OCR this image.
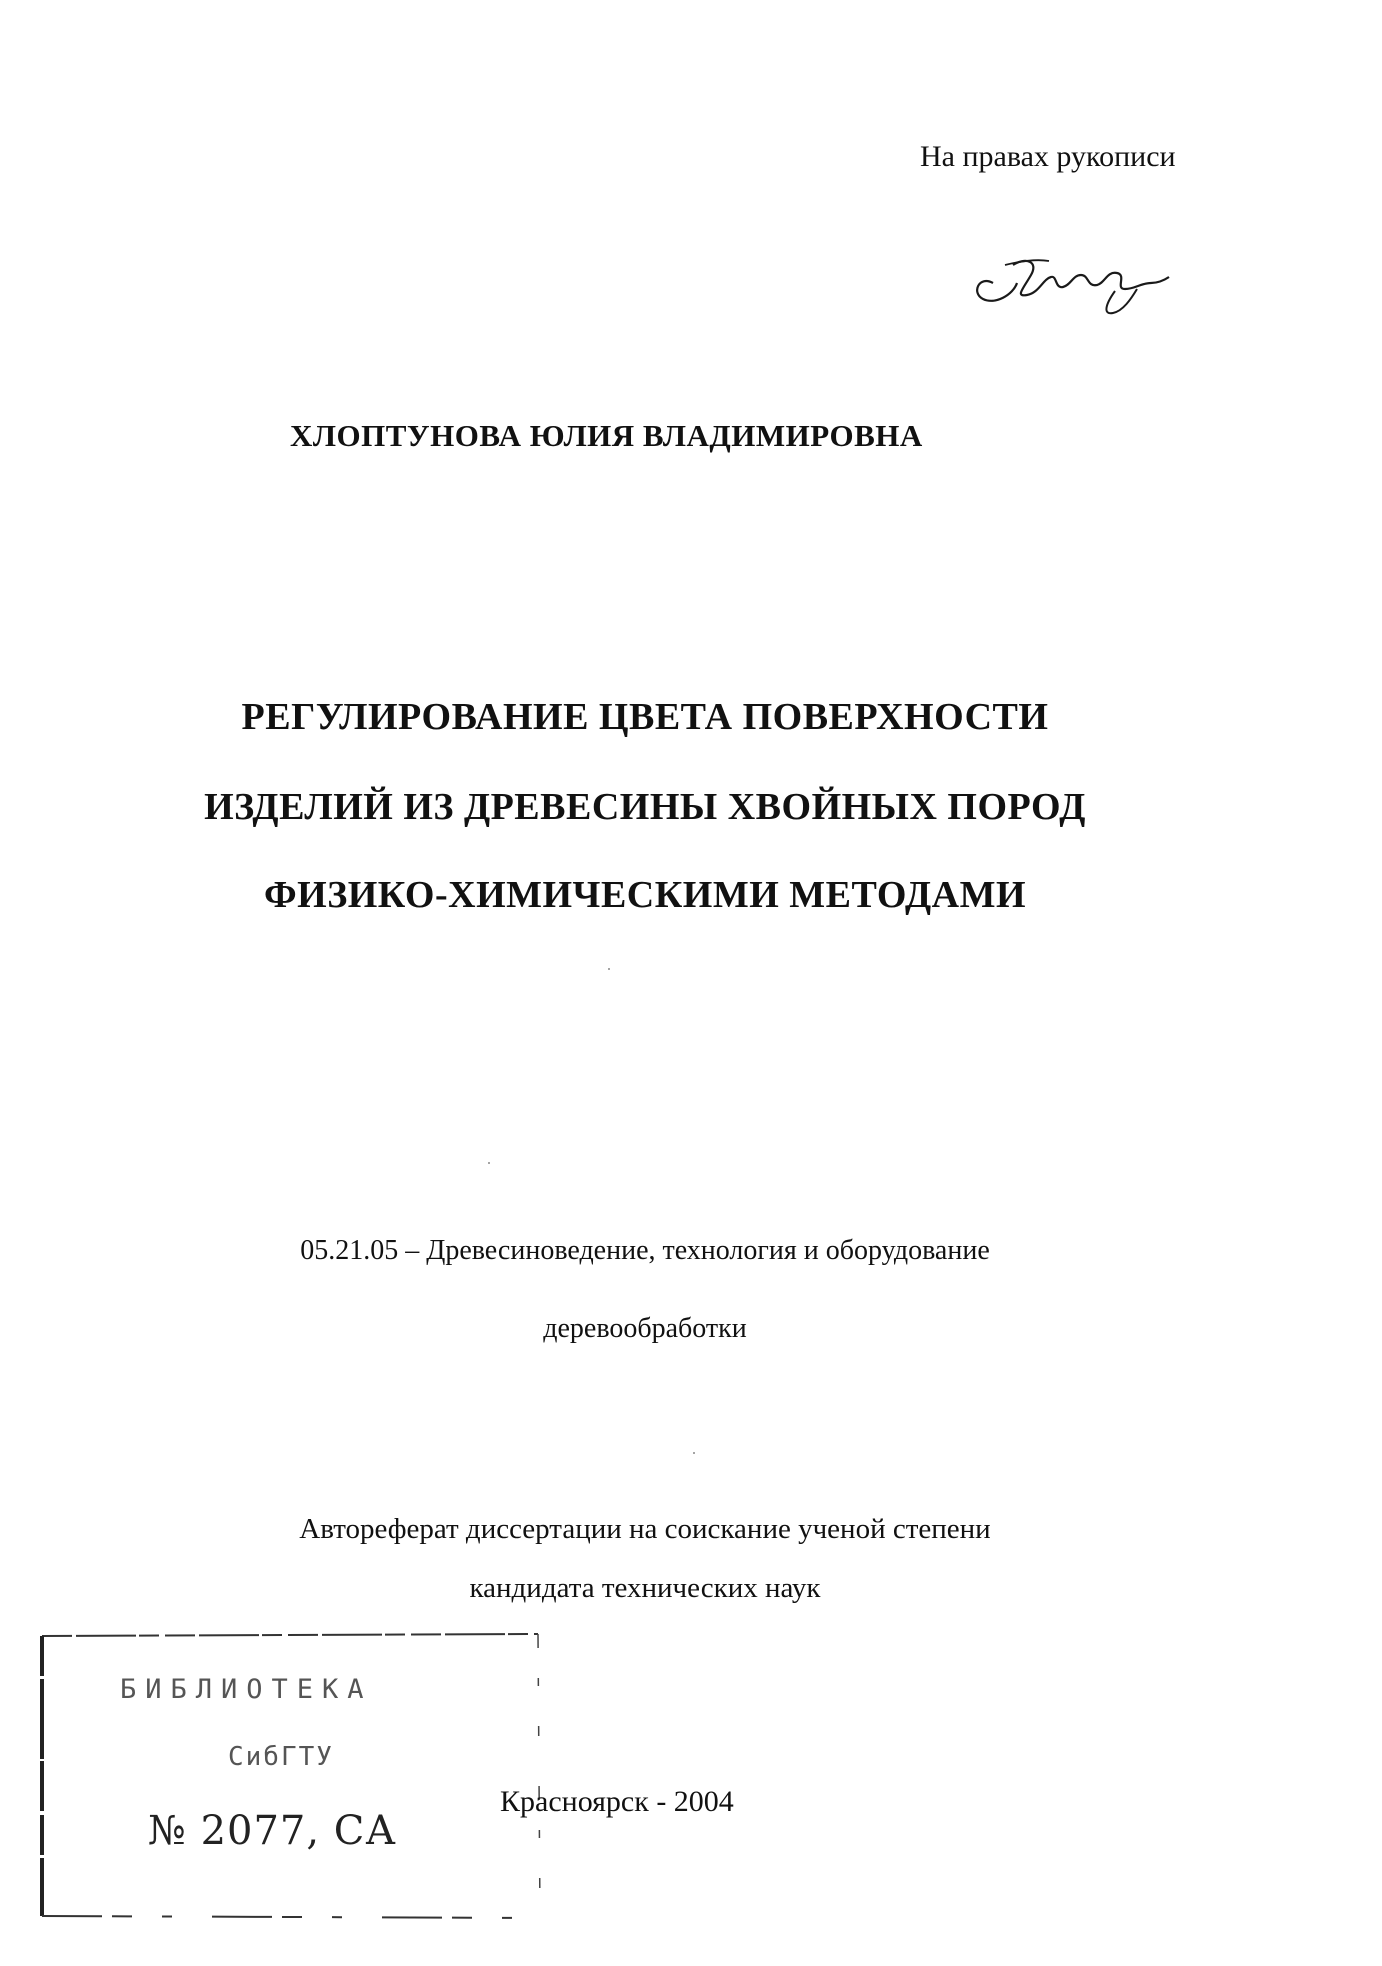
На правах рукописи
ХЛОПТУНОВА ЮЛИЯ ВЛАДИМИРОВНА
РЕГУЛИРОВАНИЕ ЦВЕТА ПОВЕРХНОСТИ
ИЗДЕЛИЙ ИЗ ДРЕВЕСИНЫ ХВОЙНЫХ ПОРОД
ФИЗИКО-ХИМИЧЕСКИМИ МЕТОДАМИ
05.21.05 – Древесиноведение, технология и оборудование
деревообработки
Автореферат диссертации на соискание ученой степени
кандидата технических наук
БИБЛИОТЕКА
СибГТУ
№ 2077, СА
Красноярск - 2004
